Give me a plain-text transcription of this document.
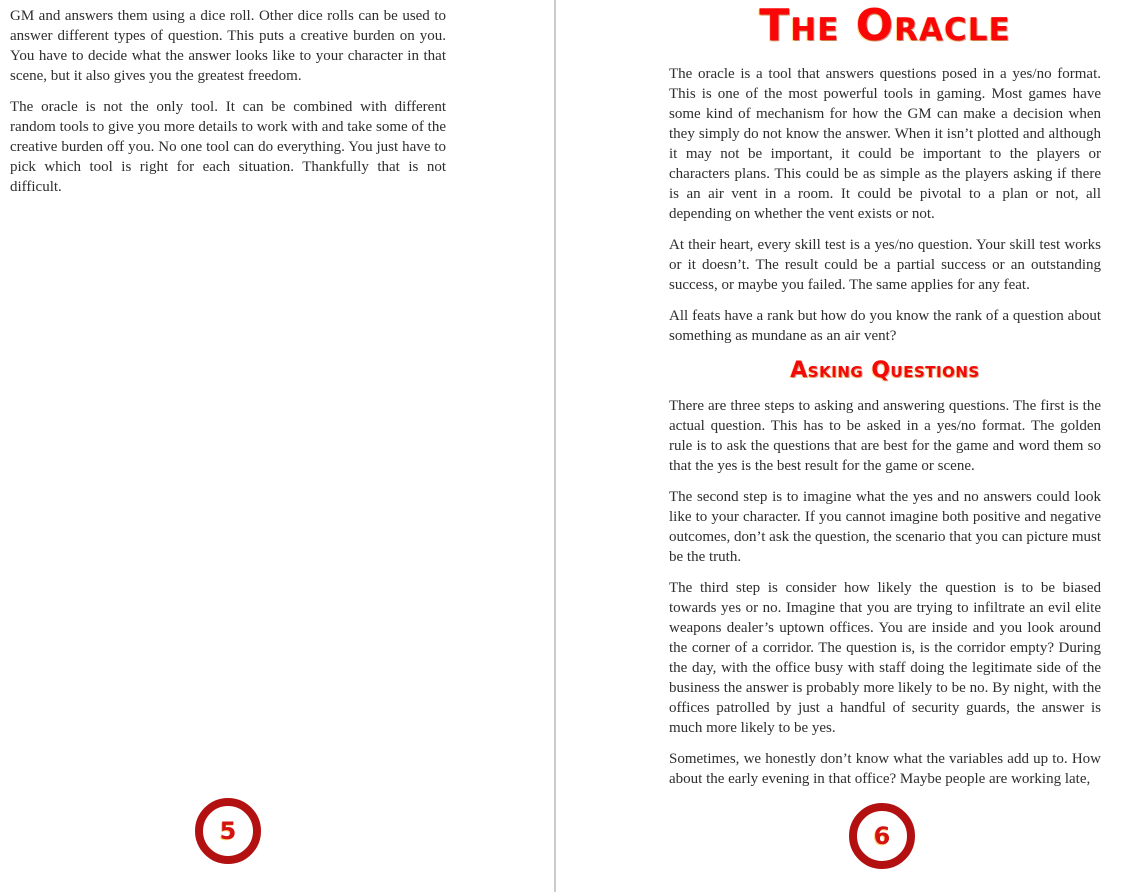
GM and answers them using a dice roll. Other dice rolls can be used to answer different types of question. This puts a creative burden on you. You have to decide what the answer looks like to your character in that scene, but it also gives you the greatest freedom.

The oracle is not the only tool. It can be combined with different random tools to give you more details to work with and take some of the creative burden off you. No one tool can do everything. You just have to pick which tool is right for each situation. Thankfully that is not difficult.

5
The Oracle

The oracle is a tool that answers questions posed in a yes/no format. This is one of the most powerful tools in gaming. Most games have some kind of mechanism for how the GM can make a decision when they simply do not know the answer. When it isn’t plotted and although it may not be important, it could be important to the players or characters plans. This could be as simple as the players asking if there is an air vent in a room. It could be pivotal to a plan or not, all depending on whether the vent exists or not.

At their heart, every skill test is a yes/no question. Your skill test works or it doesn’t. The result could be a partial success or an outstanding success, or maybe you failed. The same applies for any feat.

All feats have a rank but how do you know the rank of a question about something as mundane as an air vent?

Asking Questions

There are three steps to asking and answering questions. The first is the actual question. This has to be asked in a yes/no format. The golden rule is to ask the questions that are best for the game and word them so that the yes is the best result for the game or scene.

The second step is to imagine what the yes and no answers could look like to your character. If you cannot imagine both positive and negative outcomes, don’t ask the question, the scenario that you can picture must be the truth.

The third step is consider how likely the question is to be biased towards yes or no. Imagine that you are trying to infiltrate an evil elite weapons dealer’s uptown offices. You are inside and you look around the corner of a corridor. The question is, is the corridor empty? During the day, with the office busy with staff doing the legitimate side of the business the answer is probably more likely to be no. By night, with the offices patrolled by just a handful of security guards, the answer is much more likely to be yes.

Sometimes, we honestly don’t know what the variables add up to. How about the early evening in that office? Maybe people are working late,

6
